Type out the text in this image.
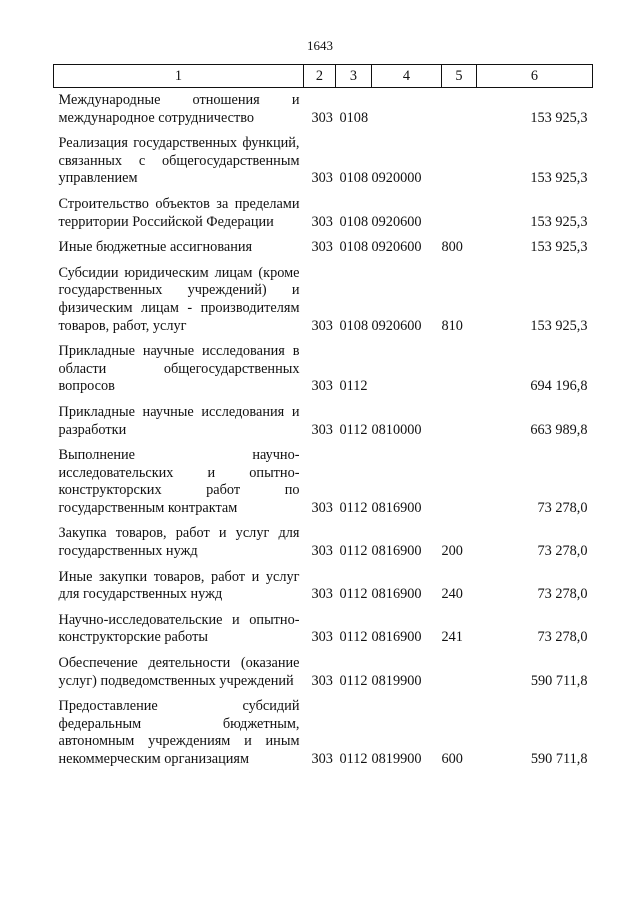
1643
1	2	3	4	5	6
Международные отношения и международное сотрудничество	303	0108			153 925,3
Реализация государственных функций, связанных с общегосударственным управлением	303	0108	0920000		153 925,3
Строительство объектов за пределами территории Российской Федерации	303	0108	0920600		153 925,3
Иные бюджетные ассигнования	303	0108	0920600	800	153 925,3
Субсидии юридическим лицам (кроме государственных учреждений) и физическим лицам - производителям товаров, работ, услуг	303	0108	0920600	810	153 925,3
Прикладные научные исследования в области общегосударственных вопросов	303	0112			694 196,8
Прикладные научные исследования и разработки	303	0112	0810000		663 989,8
Выполнение научно-исследовательских и опытно-конструкторских работ по государственным контрактам	303	0112	0816900		73 278,0
Закупка товаров, работ и услуг для государственных нужд	303	0112	0816900	200	73 278,0
Иные закупки товаров, работ и услуг для государственных нужд	303	0112	0816900	240	73 278,0
Научно-исследовательские и опытно-конструкторские работы	303	0112	0816900	241	73 278,0
Обеспечение деятельности (оказание услуг) подведомственных учреждений	303	0112	0819900		590 711,8
Предоставление субсидий федеральным бюджетным, автономным учреждениям и иным некоммерческим организациям	303	0112	0819900	600	590 711,8
